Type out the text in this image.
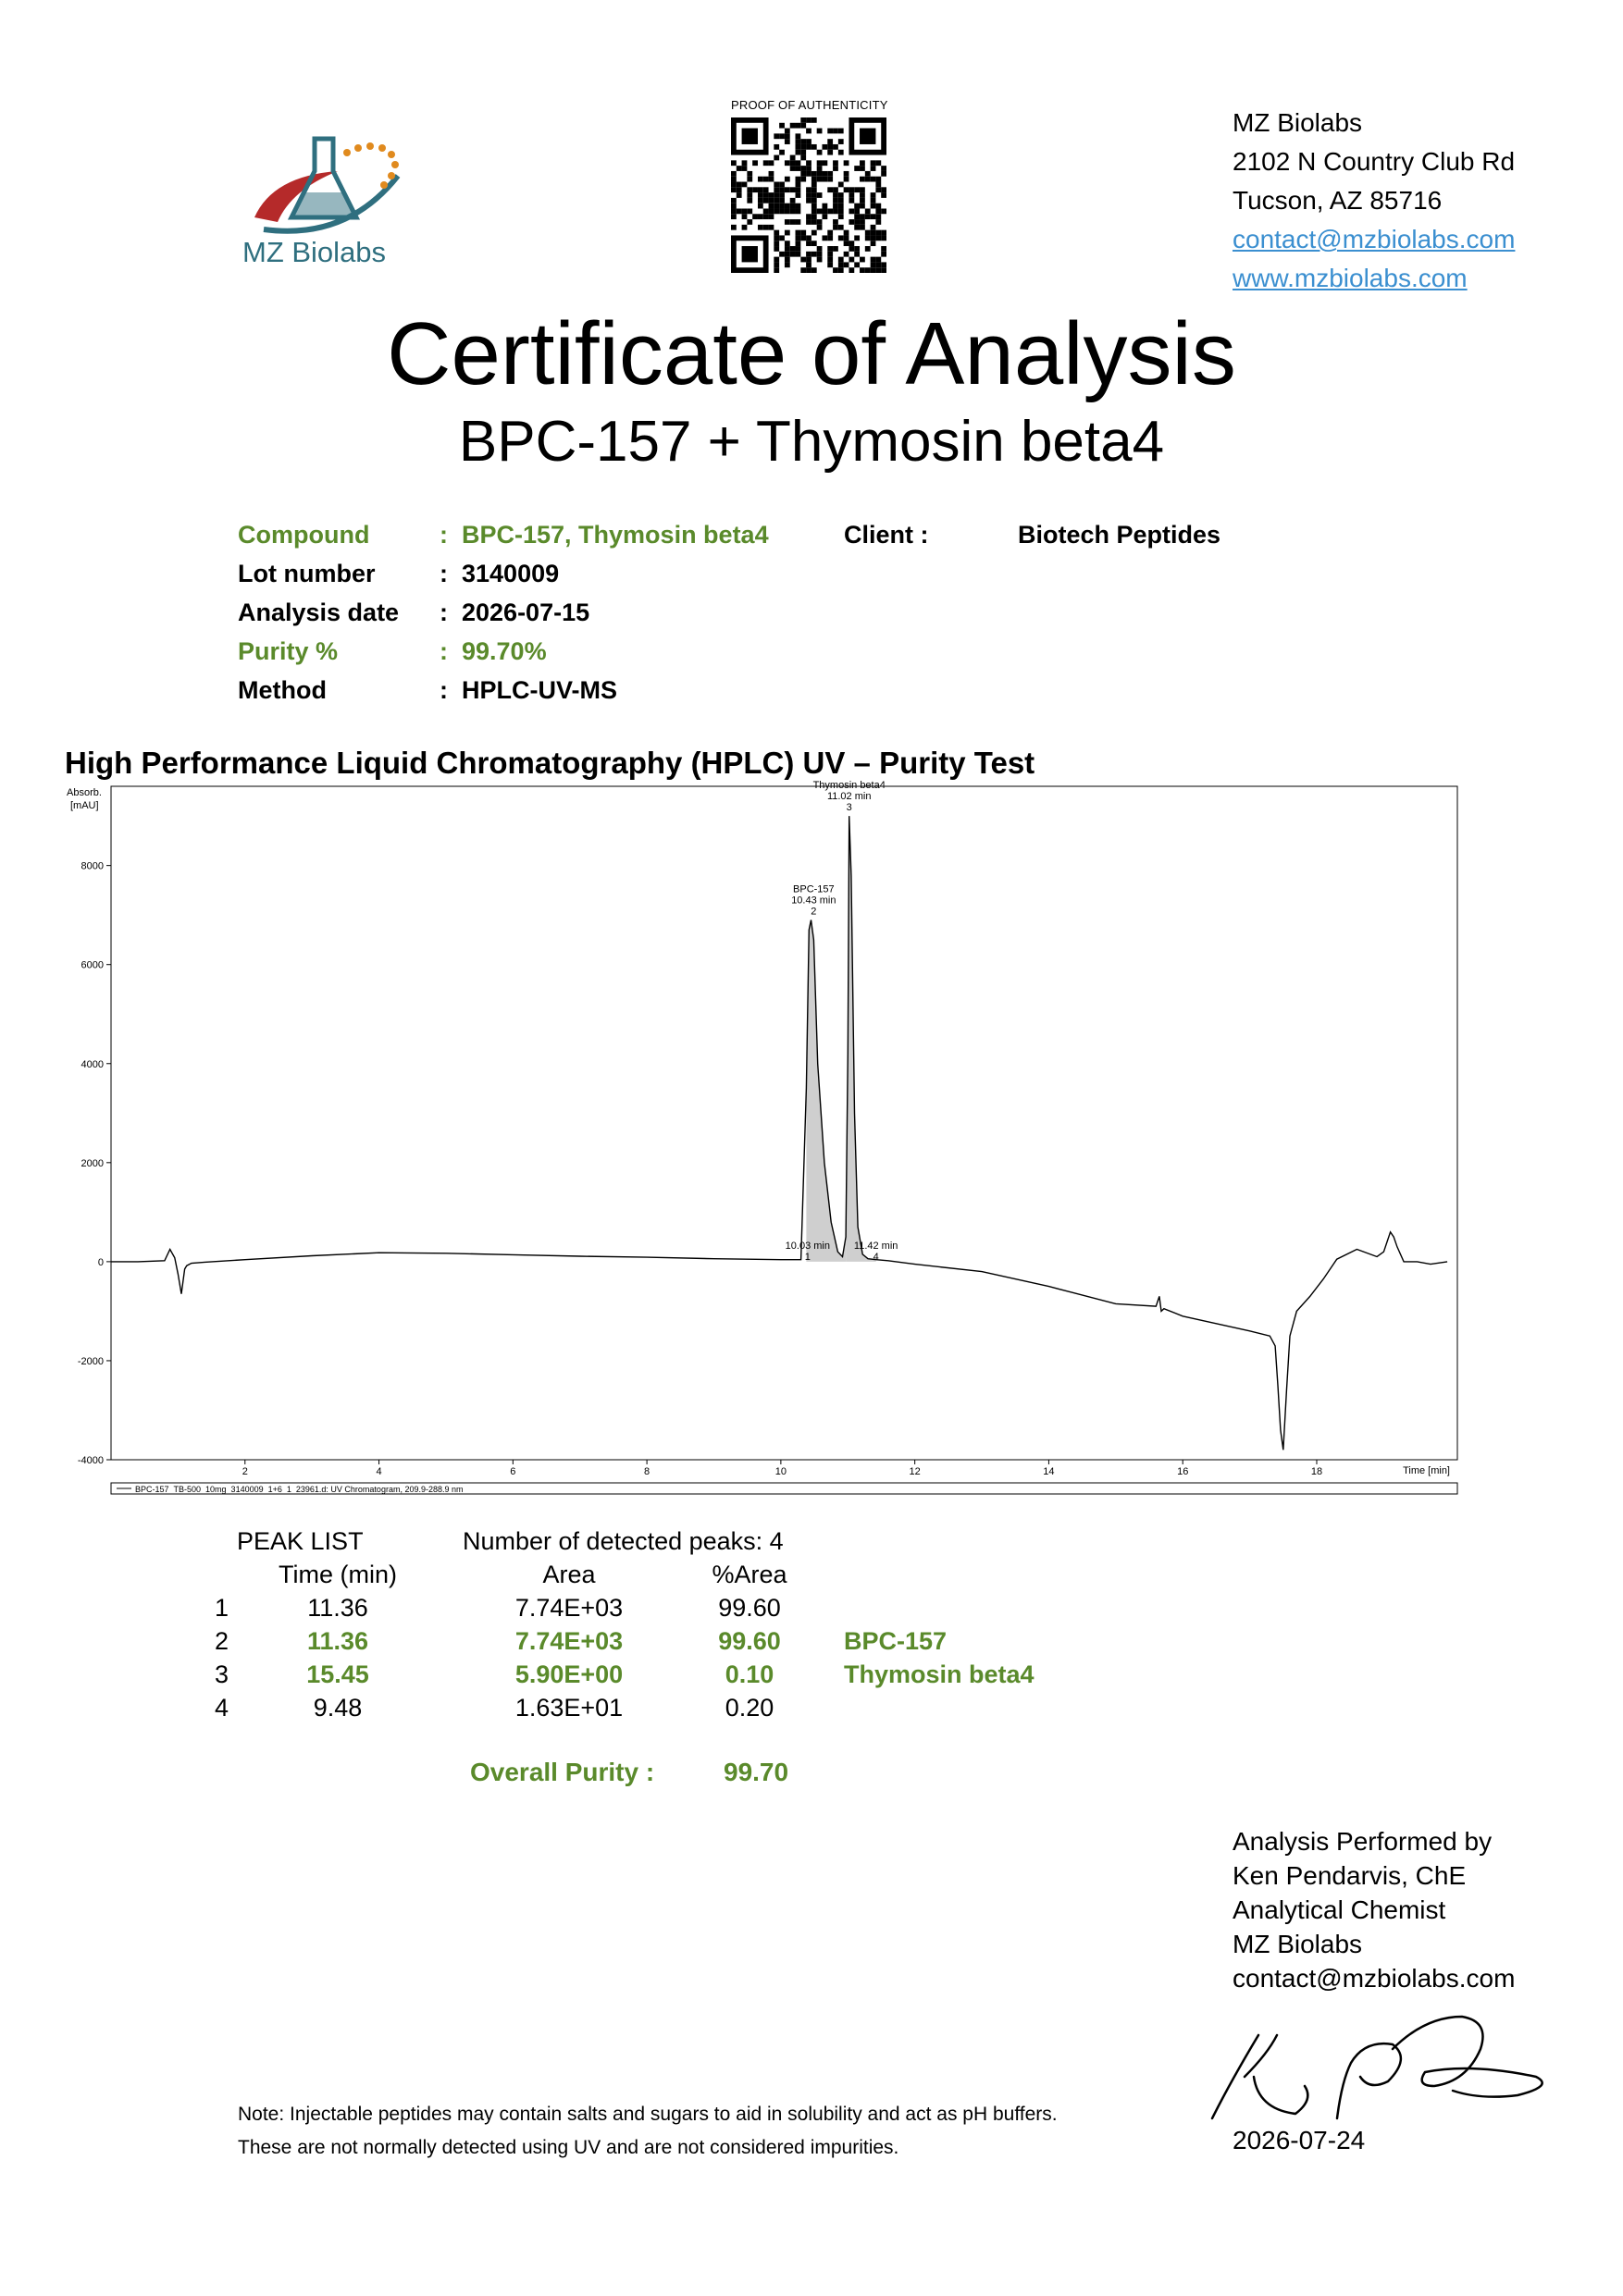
MZ Biolabs
PROOF OF AUTHENTICITY
MZ Biolabs
2102 N Country Club Rd
Tucson, AZ 85716
contact@mzbiolabs.com
www.mzbiolabs.com
Certificate of Analysis
BPC-157 + Thymosin beta4
Compound	: BPC-157, Thymosin beta4
Lot number	: 3140009
Analysis date	: 2026-07-15
Purity %	: 99.70%
Method	: HPLC-UV-MS
Client :	Biotech Peptides
High Performance Liquid Chromatography (HPLC) UV – Purity Test
Absorb.
[mAU]
-4000
-2000
0
2000
4000
6000
8000
2	4	6	8	10	12	14	16	18
10.03 min
1
BPC-157
10.43 min
2
Thymosin beta4
11.02 min
3
11.42 min
4
Time [min]
BPC-157_TB-500_10mg_3140009_1+6_1_23961.d: UV Chromatogram, 209.9-288.9 nm
PEAK LIST	Number of detected peaks: 4
Time (min)	Area	%Area
1	11.36	7.74E+03	99.60
2	11.36	7.74E+03	99.60	BPC-157
3	15.45	5.90E+00	0.10	Thymosin beta4
4	9.48	1.63E+01	0.20
Overall Purity :	99.70
Analysis Performed by
Ken Pendarvis, ChE
Analytical Chemist
MZ Biolabs
contact@mzbiolabs.com
2026-07-24
Note: Injectable peptides may contain salts and sugars to aid in solubility and act as pH buffers.
These are not normally detected using UV and are not considered impurities.
